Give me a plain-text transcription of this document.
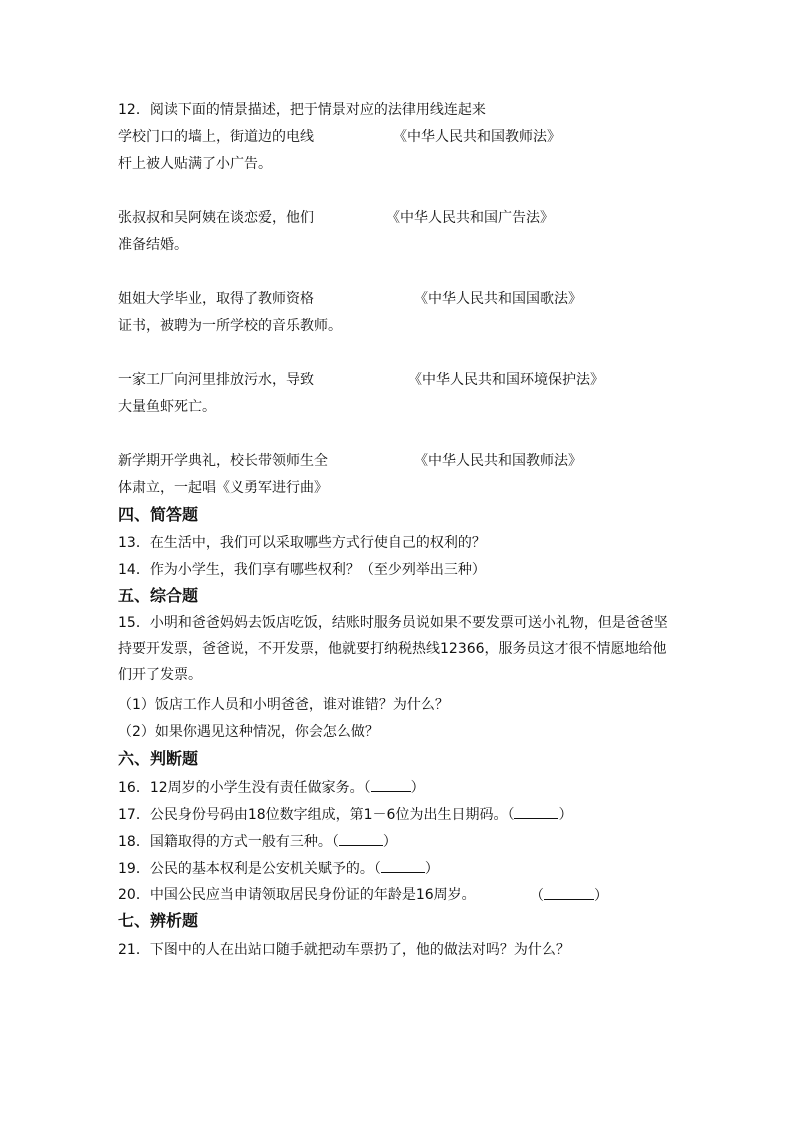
12．阅读下面的情景描述，把于情景对应的法律用线连起来
学校门口的墙上，街道边的电线	《中华人民共和国教师法》
杆上被人贴满了小广告。
张叔叔和吴阿姨在谈恋爱，他们	《中华人民共和国广告法》
准备结婚。
姐姐大学毕业，取得了教师资格	《中华人民共和国国歌法》
证书，被聘为一所学校的音乐教师。
一家工厂向河里排放污水，导致	《中华人民共和国环境保护法》
大量鱼虾死亡。
新学期开学典礼，校长带领师生全	《中华人民共和国教师法》
体肃立，一起唱《义勇军进行曲》
四、简答题
13．在生活中，我们可以采取哪些方式行使自己的权利的？
14．作为小学生，我们享有哪些权利？（至少列举出三种）
五、综合题
15．小明和爸爸妈妈去饭店吃饭，结账时服务员说如果不要发票可送小礼物，但是爸爸坚持要开发票，爸爸说，不开发票，他就要打纳税热线12366，服务员这才很不情愿地给他们开了发票。
（1）饭店工作人员和小明爸爸，谁对谁错？为什么？
（2）如果你遇见这种情况，你会怎么做？
六、判断题
16．12周岁的小学生没有责任做家务。（	）
17．公民身份号码由18位数字组成，第1－6位为出生日期码。（	）
18．国籍取得的方式一般有三种。（	）
19．公民的基本权利是公安机关赋予的。（	）
20．中国公民应当申请领取居民身份证的年龄是16周岁。	（	）
七、辨析题
21．下图中的人在出站口随手就把动车票扔了，他的做法对吗？为什么？
